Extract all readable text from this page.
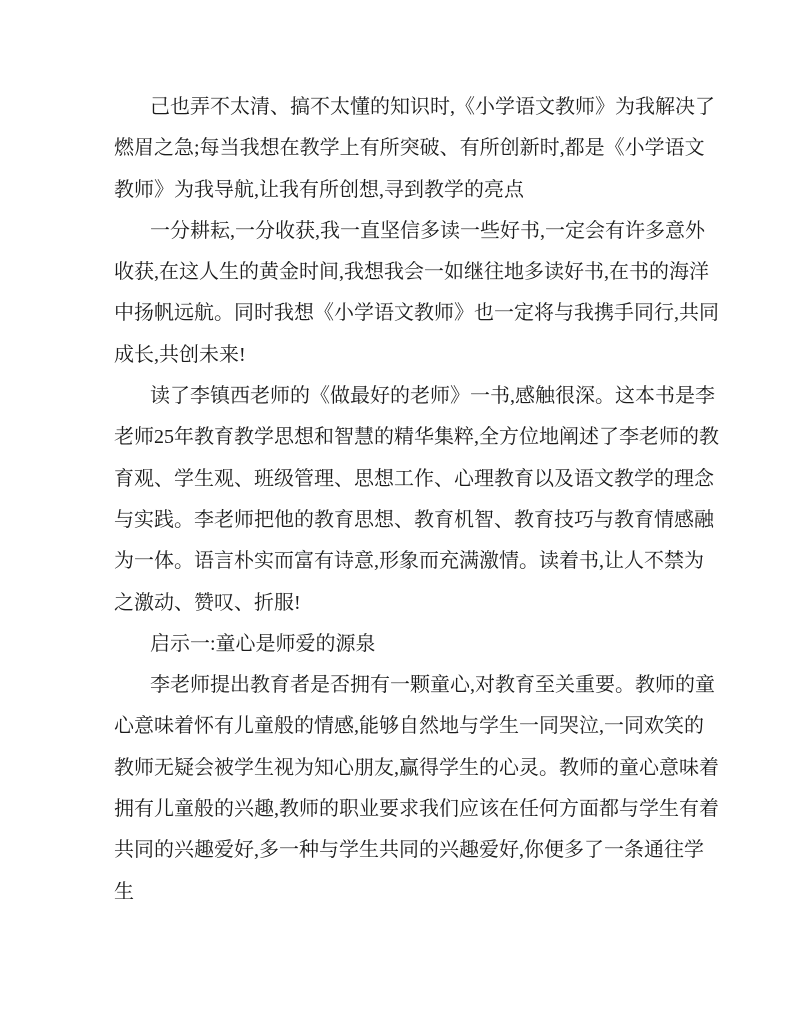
己 也 弄 不 太 清 、 搞 不 太 懂 的 知 识 时 , 《 小 学 语 文 教 师 》 为 我 解 决 了
燃 眉 之 急 ; 每 当 我 想 在 教 学 上 有 所 突 破 、 有 所 创 新 时 , 都 是 《 小 学 语 文
教师》为我导航,让我有所创想,寻到教学的亮点
一 分 耕 耘 , 一 分 收 获 , 我 一 直 坚 信 多 读 一 些 好 书 , 一 定 会 有 许 多 意 外
收 获 , 在 这 人 生 的 黄 金 时 间 , 我 想 我 会 一 如 继 往 地 多 读 好 书 , 在 书 的 海 洋
中 扬 帆 远 航 。 同 时 我 想 《 小 学 语 文 教 师 》 也 一 定 将 与 我 携 手 同 行 , 共 同
成长,共创未来!
读 了 李 镇 西 老 师 的 《 做 最 好 的 老 师 》 一 书 , 感 触 很 深 。 这 本 书 是 李
老 师 2 5 年 教 育 教 学 思 想 和 智 慧 的 精 华 集 粹 , 全 方 位 地 阐 述 了 李 老 师 的 教
育 观 、 学 生 观 、 班 级 管 理 、 思 想 工 作 、 心 理 教 育 以 及 语 文 教 学 的 理 念
与 实 践 。 李 老 师 把 他 的 教 育 思 想 、 教 育 机 智 、 教 育 技 巧 与 教 育 情 感 融
为 一 体 。 语 言 朴 实 而 富 有 诗 意 , 形 象 而 充 满 激 情 。 读 着 书 , 让 人 不 禁 为
之激动、赞叹、折服!
启示一:童心是师爱的源泉
李 老 师 提 出 教 育 者 是 否 拥 有 一 颗 童 心 , 对 教 育 至 关 重 要 。 教 师 的 童
心 意 味 着 怀 有 儿 童 般 的 情 感 , 能 够 自 然 地 与 学 生 一 同 哭 泣 , 一 同 欢 笑 的
教 师 无 疑 会 被 学 生 视 为 知 心 朋 友 , 赢 得 学 生 的 心 灵 。 教 师 的 童 心 意 味 着
拥 有 儿 童 般 的 兴 趣 , 教 师 的 职 业 要 求 我 们 应 该 在 任 何 方 面 都 与 学 生 有 着
共 同 的 兴 趣 爱 好 , 多 一 种 与 学 生 共 同 的 兴 趣 爱 好 , 你 便 多 了 一 条 通 往 学
生
